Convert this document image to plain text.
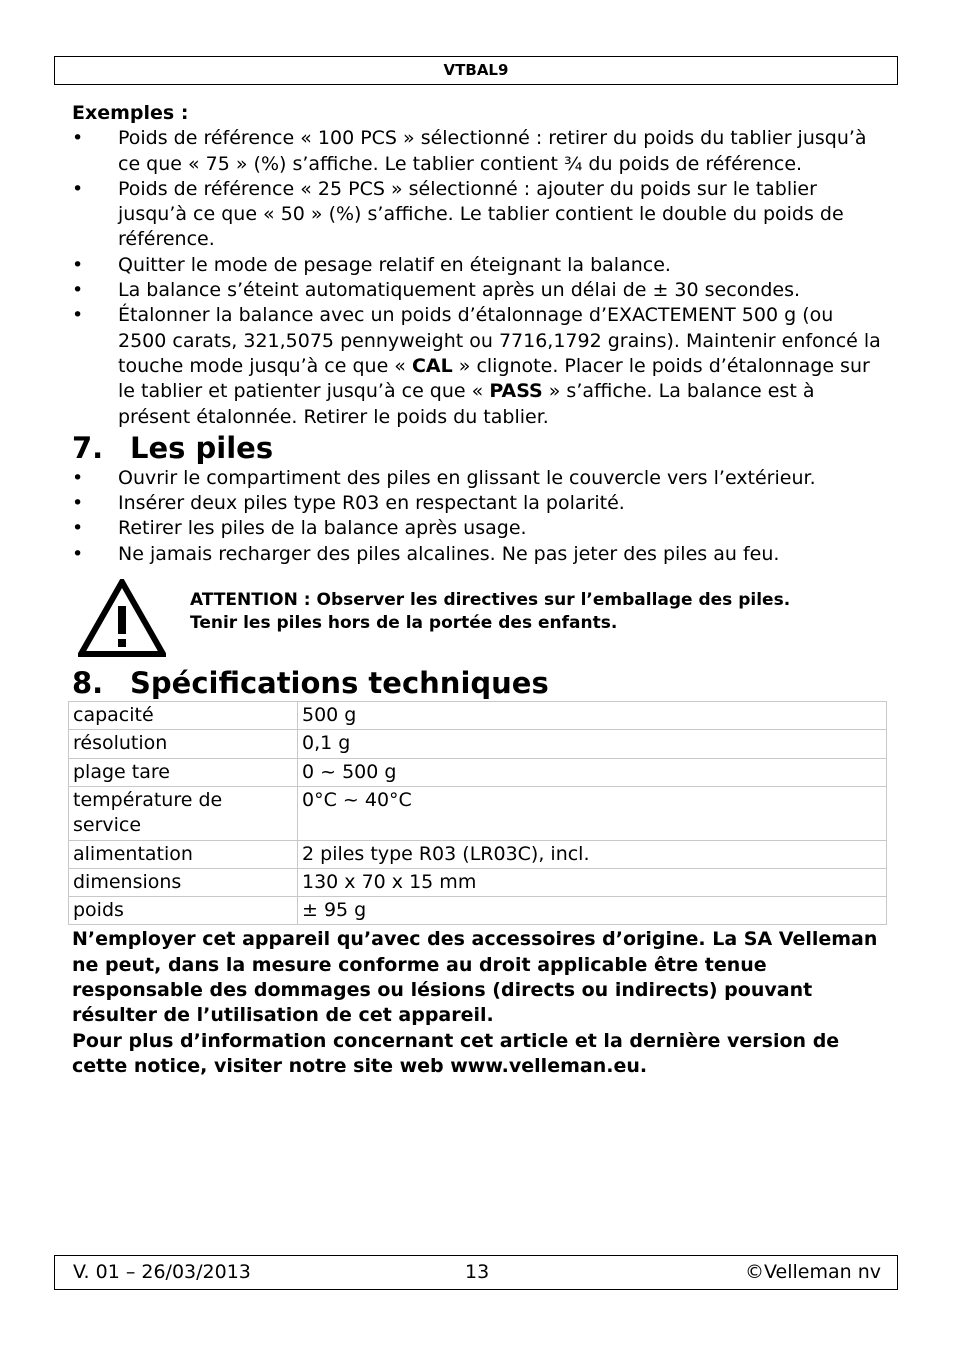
VTBAL9
Exemples :
• Poids de référence « 100 PCS » sélectionné : retirer du poids du tablier jusqu’à ce que « 75 » (%) s’affiche. Le tablier contient ¾ du poids de référence.
• Poids de référence « 25 PCS » sélectionné : ajouter du poids sur le tablier jusqu’à ce que « 50 » (%) s’affiche. Le tablier contient le double du poids de référence.
• Quitter le mode de pesage relatif en éteignant la balance.
• La balance s’éteint automatiquement après un délai de ± 30 secondes.
• Étalonner la balance avec un poids d’étalonnage d’EXACTEMENT 500 g (ou 2500 carats, 321,5075 pennyweight ou 7716,1792 grains). Maintenir enfoncé la touche mode jusqu’à ce que « CAL » clignote. Placer le poids d’étalonnage sur le tablier et patienter jusqu’à ce que « PASS » s’affiche. La balance est à présent étalonnée. Retirer le poids du tablier.
7. Les piles
• Ouvrir le compartiment des piles en glissant le couvercle vers l’extérieur.
• Insérer deux piles type R03 en respectant la polarité.
• Retirer les piles de la balance après usage.
• Ne jamais recharger des piles alcalines. Ne pas jeter des piles au feu.
ATTENTION : Observer les directives sur l’emballage des piles.
Tenir les piles hors de la portée des enfants.
8. Spécifications techniques
capacité	500 g
résolution	0,1 g
plage tare	0 ~ 500 g
température de service	0°C ~ 40°C
alimentation	2 piles type R03 (LR03C), incl.
dimensions	130 x 70 x 15 mm
poids	± 95 g
N’employer cet appareil qu’avec des accessoires d’origine. La SA Velleman ne peut, dans la mesure conforme au droit applicable être tenue responsable des dommages ou lésions (directs ou indirects) pouvant résulter de l’utilisation de cet appareil.
Pour plus d’information concernant cet article et la dernière version de cette notice, visiter notre site web www.velleman.eu.
V. 01 – 26/03/2013	13	©Velleman nv
